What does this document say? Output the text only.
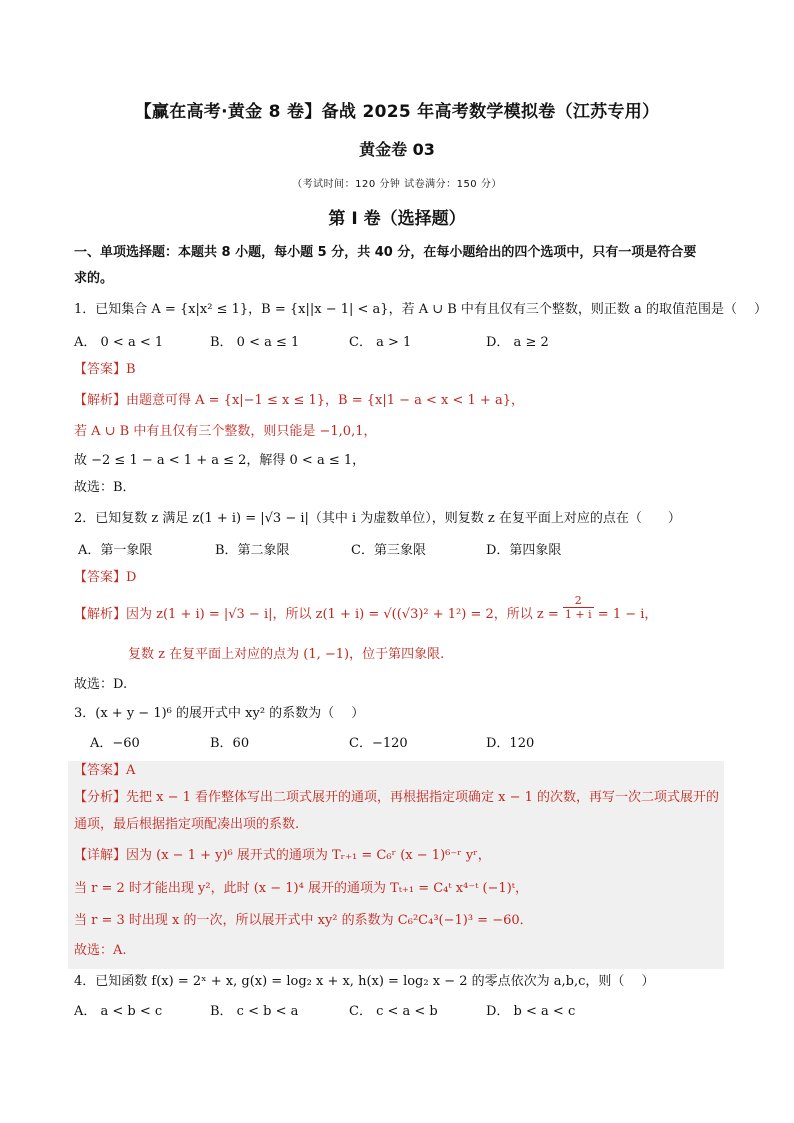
【赢在高考·黄金 8 卷】备战 2025 年高考数学模拟卷（江苏专用）
黄金卷 03
（考试时间：120 分钟 试卷满分：150 分）
第 I 卷（选择题）
一、单项选择题：本题共 8 小题，每小题 5 分，共 40 分，在每小题给出的四个选项中，只有一项是符合要
求的。
1．已知集合 A = {x|x² ≤ 1}，B = {x||x − 1| < a}，若 A ∪ B 中有且仅有三个整数，则正数 a 的取值范围是（　 ）
A． 0 < a < 1	B． 0 < a ≤ 1	C． a > 1	D． a ≥ 2
【答案】B
【解析】由题意可得 A = {x|−1 ≤ x ≤ 1}，B = {x|1 − a < x < 1 + a}，
若 A ∪ B 中有且仅有三个整数，则只能是 −1,0,1，
故 −2 ≤ 1 − a < 1 + a ≤ 2，解得 0 < a ≤ 1，
故选：B．
2．已知复数 z 满足 z(1 + i) = |√3 − i|（其中 i 为虚数单位），则复数 z 在复平面上对应的点在（　　）
A．第一象限	B．第二象限	C．第三象限	D．第四象限
【答案】D
【解析】因为 z(1 + i) = |√3 − i|，所以 z(1 + i) = √((√3)² + 1²) = 2，所以 $z = \frac{2}{1 + i} = 1 - i$，
复数 z 在复平面上对应的点为 (1, −1)，位于第四象限.
故选：D.
3．(x + y − 1)⁶ 的展开式中 xy² 的系数为（　 ）
A．−60	B．60	C．−120	D．120
【答案】A
【分析】先把 x − 1 看作整体写出二项式展开的通项，再根据指定项确定 x − 1 的次数，再写一次二项式展开的
通项，最后根据指定项配凑出项的系数.
【详解】因为 (x − 1 + y)⁶ 展开式的通项为 Tᵣ₊₁ = C₆ʳ (x − 1)⁶⁻ʳ yʳ，
当 r = 2 时才能出现 y²，此时 (x − 1)⁴ 展开的通项为 Tₜ₊₁ = C₄ᵗ x⁴⁻ᵗ (−1)ᵗ，
当 r = 3 时出现 x 的一次，所以展开式中 xy² 的系数为 C₆²C₄³(−1)³ = −60．
故选：A.
4．已知函数 f(x) = 2ˣ + x, g(x) = log₂ x + x, h(x) = log₂ x − 2 的零点依次为 a,b,c，则（　 ）
A． a < b < c	B． c < b < a	C． c < a < b	D． b < a < c
